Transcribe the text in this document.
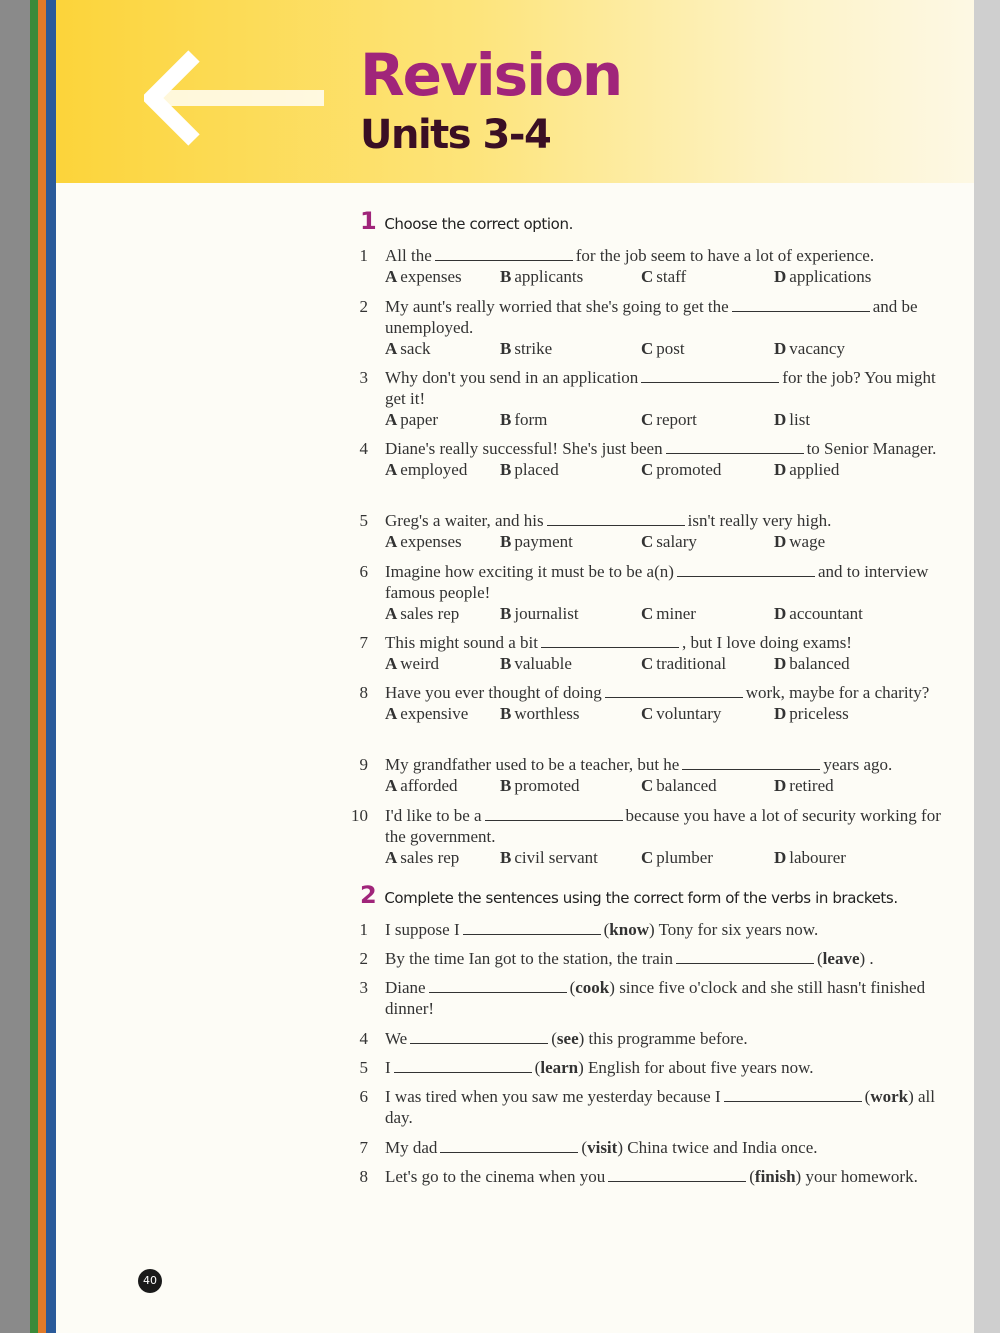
Revision
Units 3-4
1 Choose the correct option.
1 All the	for the job seem to have a lot of experience.
A expenses B applicants	C staff	D applications
2 My aunt's really worried that she's going to get the	and be unemployed.
A sack	B strike	C post	D vacancy
3 Why don't you send in an application	for the job? You might get it!
A paper	B form	C report	D list
4 Diane's really successful! She's just been	to Senior Manager.
A employed B placed	C promoted	D applied
5 Greg's a waiter, and his	isn't really very high.
A expenses B payment	C salary	D wage
6 Imagine how exciting it must be to be a(n)	and to interview famous people!
A sales rep B journalist	C miner	D accountant
7 This might sound a bit	, but I love doing exams!
A weird	B valuable	C traditional	D balanced
8 Have you ever thought of doing	work, maybe for a charity?
A expensive B worthless	C voluntary	D priceless
9 My grandfather used to be a teacher, but he	years ago.
A afforded B promoted	C balanced	D retired
10 I'd like to be a	because you have a lot of security working for the government.
A sales rep B civil servant	C plumber	D labourer
2 Complete the sentences using the correct form of the verbs in brackets.
1 I suppose I	(know) Tony for six years now.
2 By the time Ian got to the station, the train	(leave) .
3 Diane	(cook) since five o'clock and she still hasn't finished dinner!
4 We	(see) this programme before.
5 I	(learn) English for about five years now.
6 I was tired when you saw me yesterday because I	(work) all day.
7 My dad	(visit) China twice and India once.
8 Let's go to the cinema when you	(finish) your homework.
40
